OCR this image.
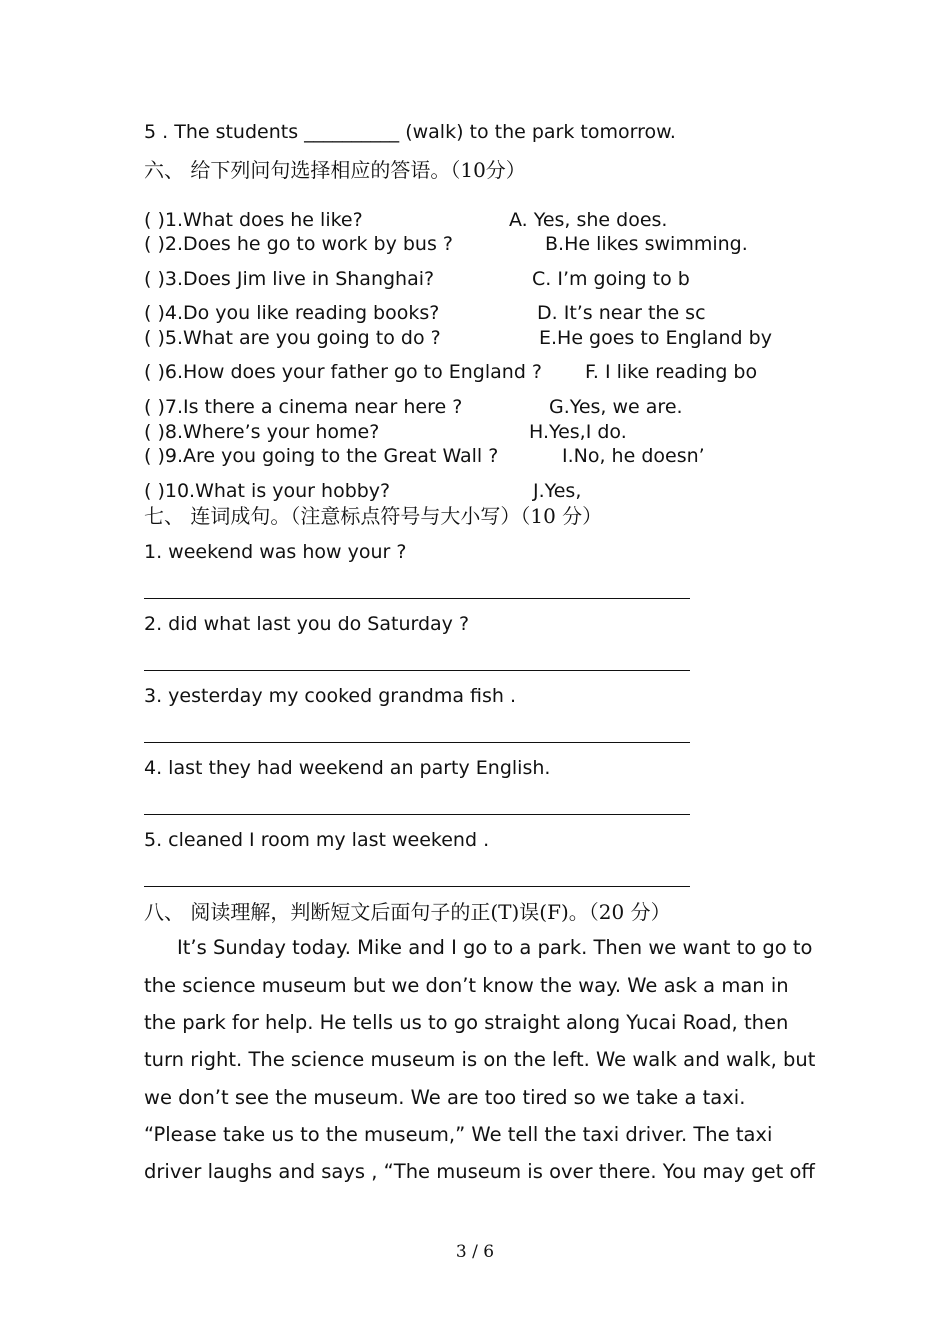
5 . The students __________ (walk) to the park tomorrow.
六、 给下列问句选择相应的答语。（10分）
( )1.What does he like?	A. Yes, she does.
( )2.Does he go to work by bus ?	B.He likes swimming.
( )3.Does Jim live in Shanghai?	C. I’m going to b
( )4.Do you like reading books?	D. It’s near the sc
( )5.What are you going to do ?	E.He goes to England by
( )6.How does your father go to England ? F. I like reading bo
( )7.Is there a cinema near here ?	G.Yes, we are.
( )8.Where’s your home?	H.Yes,I do.
( )9.Are you going to the Great Wall ?	I.No, he doesn’
( )10.What is your hobby?	J.Yes,
七、 连词成句。（注意标点符号与大小写）（10 分）
1. weekend was how your ?
2. did what last you do Saturday ?
3. yesterday my cooked grandma fish .
4. last they had weekend an party English.
5. cleaned I room my last weekend .
八、 阅读理解，判断短文后面句子的正(T)误(F)。（20 分）
It’s Sunday today. Mike and I go to a park. Then we want to go to
the science museum but we don’t know the way. We ask a man in
the park for help. He tells us to go straight along Yucai Road, then
turn right. The science museum is on the left. We walk and walk, but
we don’t see the museum. We are too tired so we take a taxi.
“Please take us to the museum,” We tell the taxi driver. The taxi
driver laughs and says , “The museum is over there. You may get off
3 / 6
